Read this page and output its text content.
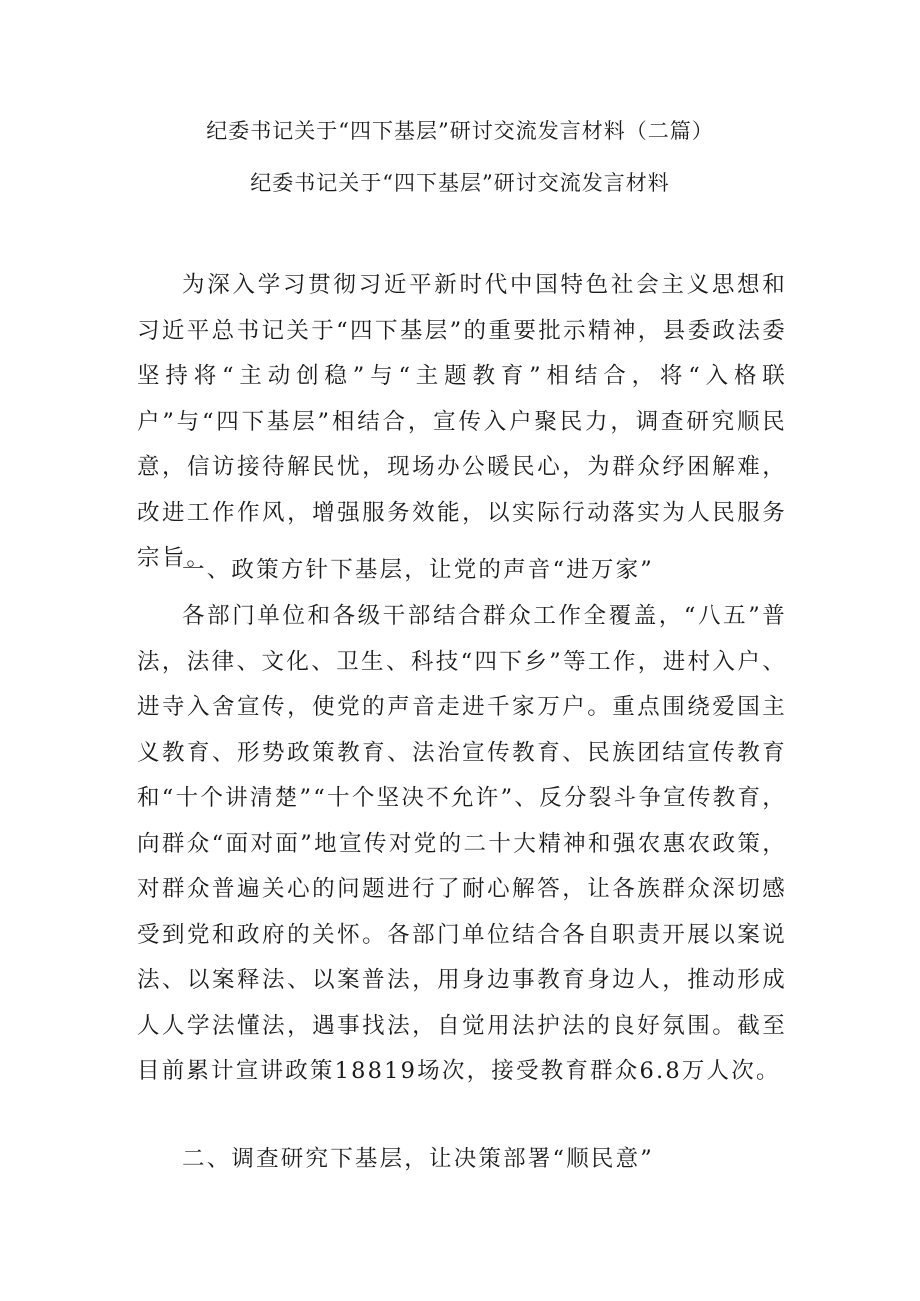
纪委书记关于“四下基层”研讨交流发言材料（二篇）
纪委书记关于“四下基层”研讨交流发言材料

为深入学习贯彻习近平新时代中国特色社会主义思想和习近平总书记关于“四下基层”的重要批示精神，县委政法委坚持将“主动创稳”与“主题教育”相结合，将“入格联户”与“四下基层”相结合，宣传入户聚民力，调查研究顺民意，信访接待解民忧，现场办公暖民心，为群众纾困解难，改进工作作风，增强服务效能，以实际行动落实为人民服务宗旨。

一、政策方针下基层，让党的声音“进万家”

各部门单位和各级干部结合群众工作全覆盖，“八五”普法，法律、文化、卫生、科技“四下乡”等工作，进村入户、进寺入舍宣传，使党的声音走进千家万户。重点围绕爱国主义教育、形势政策教育、法治宣传教育、民族团结宣传教育和“十个讲清楚”“十个坚决不允许”、反分裂斗争宣传教育，向群众“面对面”地宣传对党的二十大精神和强农惠农政策，对群众普遍关心的问题进行了耐心解答，让各族群众深切感受到党和政府的关怀。各部门单位结合各自职责开展以案说法、以案释法、以案普法，用身边事教育身边人，推动形成人人学法懂法，遇事找法，自觉用法护法的良好氛围。截至目前累计宣讲政策18819场次，接受教育群众6.8万人次。

二、调查研究下基层，让决策部署“顺民意”
